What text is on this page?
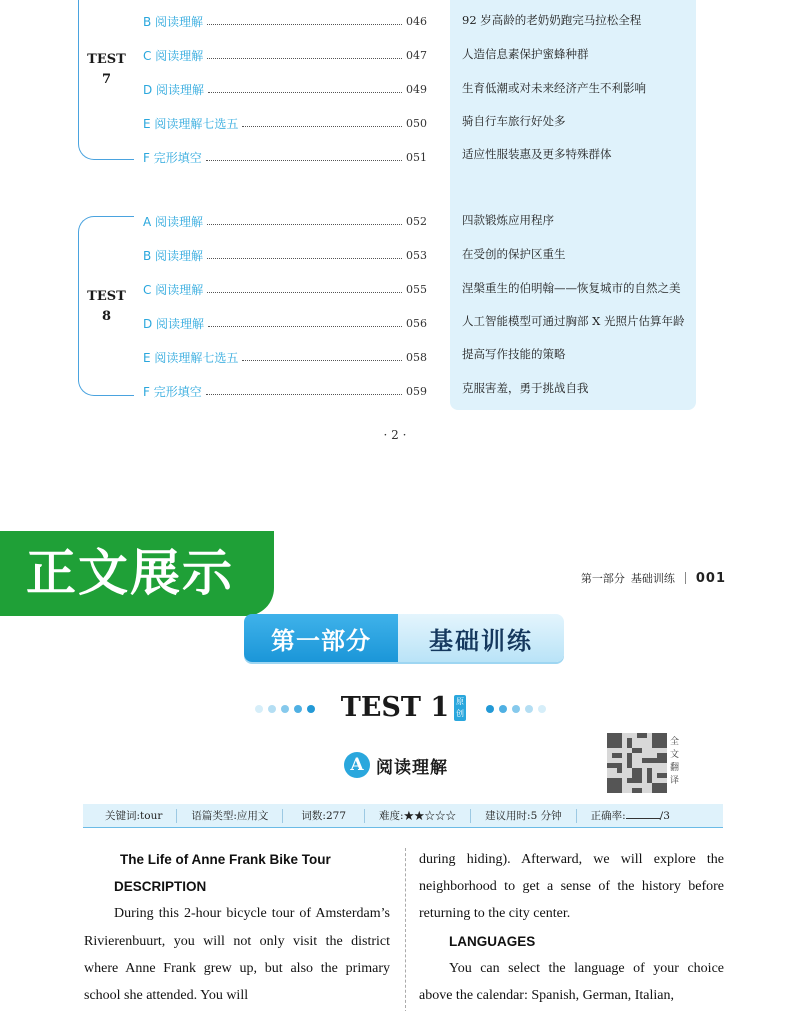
TEST
7
TEST
8
B 阅读理解	046
C 阅读理解	047
D 阅读理解	049
E 阅读理解七选五	050
F 完形填空	051
92 岁高龄的老奶奶跑完马拉松全程
人造信息素保护蜜蜂种群
生育低潮或对未来经济产生不利影响
骑自行车旅行好处多
适应性服装惠及更多特殊群体
A 阅读理解	052
B 阅读理解	053
C 阅读理解	055
D 阅读理解	056
E 阅读理解七选五	058
F 完形填空	059
四款锻炼应用程序
在受创的保护区重生
涅槃重生的伯明翰——恢复城市的自然之美
人工智能模型可通过胸部 X 光照片估算年龄
提高写作技能的策略
克服害羞，勇于挑战自我
· 2 ·
正文展示	第一部分 基础训练 001
第一部分	基础训练
TEST 1 原创
A 阅读理解
全文翻译
关键词:tour	语篇类型:应用文	词数:277	难度:★★☆☆☆	建议用时:5 分钟	正确率:	/3

The Life of Anne Frank Bike Tour

DESCRIPTION

During this 2-hour bicycle tour of Amsterdam’s Rivierenbuurt, you will not only visit the district where Anne Frank grew up, but also the primary school she attended. You will

during hiding). Afterward, we will explore the neighborhood to get a sense of the history before returning to the city center.

LANGUAGES

You can select the language of your choice above the calendar: Spanish, German, Italian,
